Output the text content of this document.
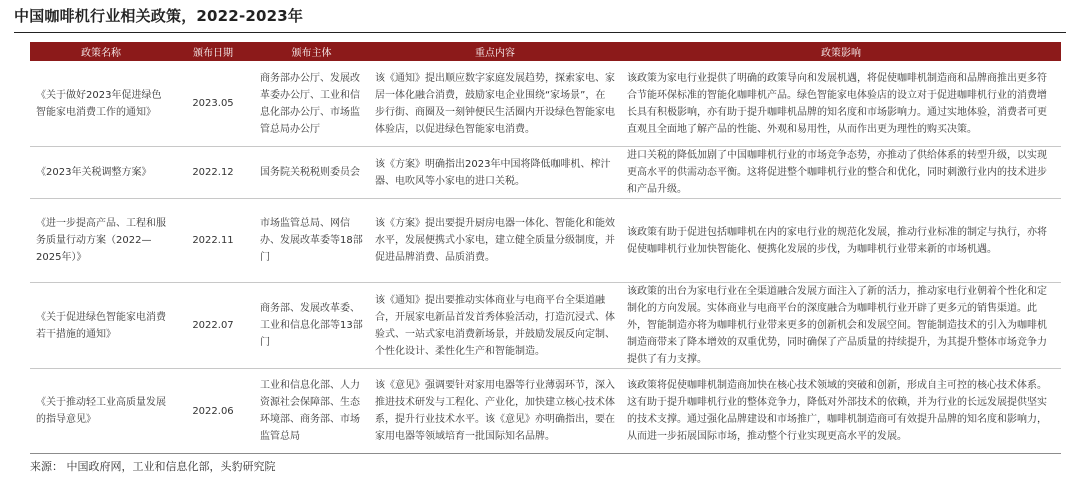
中国咖啡机行业相关政策，2022-2023年
政策名称	颁布日期	颁布主体	重点内容	政策影响
《关于做好2023年促进绿色智能家电消费工作的通知》	2023.05	商务部办公厅、发展改革委办公厅、工业和信息化部办公厅、市场监管总局办公厅	该《通知》提出顺应数字家庭发展趋势，探索家电、家居一体化融合消费，鼓励家电企业围绕“家场景”，在步行街、商圈及一刻钟便民生活圈内开设绿色智能家电体验店，以促进绿色智能家电消费。	该政策为家电行业提供了明确的政策导向和发展机遇，将促使咖啡机制造商和品牌商推出更多符合节能环保标准的智能化咖啡机产品。绿色智能家电体验店的设立对于促进咖啡机行业的消费增长具有积极影响，亦有助于提升咖啡机品牌的知名度和市场影响力。通过实地体验，消费者可更直观且全面地了解产品的性能、外观和易用性，从而作出更为理性的购买决策。
《2023年关税调整方案》	2022.12	国务院关税税则委员会	该《方案》明确指出2023年中国将降低咖啡机、榨汁器、电吹风等小家电的进口关税。	进口关税的降低加剧了中国咖啡机行业的市场竞争态势，亦推动了供给体系的转型升级，以实现更高水平的供需动态平衡。这将促进整个咖啡机行业的整合和优化，同时刺激行业内的技术进步和产品升级。
《进一步提高产品、工程和服务质量行动方案（2022—2025年）》	2022.11	市场监管总局、网信办、发展改革委等18部门	该《方案》提出要提升厨房电器一体化、智能化和能效水平，发展便携式小家电，建立健全质量分级制度，并促进品牌消费、品质消费。	该政策有助于促进包括咖啡机在内的家电行业的规范化发展，推动行业标准的制定与执行，亦将促使咖啡机行业加快智能化、便携化发展的步伐，为咖啡机行业带来新的市场机遇。
《关于促进绿色智能家电消费若干措施的通知》	2022.07	商务部、发展改革委、工业和信息化部等13部门	该《通知》提出要推动实体商业与电商平台全渠道融合，开展家电新品首发首秀体验活动，打造沉浸式、体验式、一站式家电消费新场景，并鼓励发展反向定制、个性化设计、柔性化生产和智能制造。	该政策的出台为家电行业在全渠道融合发展方面注入了新的活力，推动家电行业朝着个性化和定制化的方向发展。实体商业与电商平台的深度融合为咖啡机行业开辟了更多元的销售渠道。此外，智能制造亦将为咖啡机行业带来更多的创新机会和发展空间。智能制造技术的引入为咖啡机制造商带来了降本增效的双重优势，同时确保了产品质量的持续提升，为其提升整体市场竞争力提供了有力支撑。
《关于推动轻工业高质量发展的指导意见》	2022.06	工业和信息化部、人力资源社会保障部、生态环境部、商务部、市场监管总局	该《意见》强调要针对家用电器等行业薄弱环节，深入推进技术研发与工程化、产业化，加快建立核心技术体系，提升行业技术水平。该《意见》亦明确指出，要在家用电器等领域培育一批国际知名品牌。	该政策将促使咖啡机制造商加快在核心技术领域的突破和创新，形成自主可控的核心技术体系。这有助于提升咖啡机行业的整体竞争力，降低对外部技术的依赖，并为行业的长远发展提供坚实的技术支撑。通过强化品牌建设和市场推广，咖啡机制造商可有效提升品牌的知名度和影响力，从而进一步拓展国际市场，推动整个行业实现更高水平的发展。
来源： 中国政府网，工业和信息化部，头豹研究院
